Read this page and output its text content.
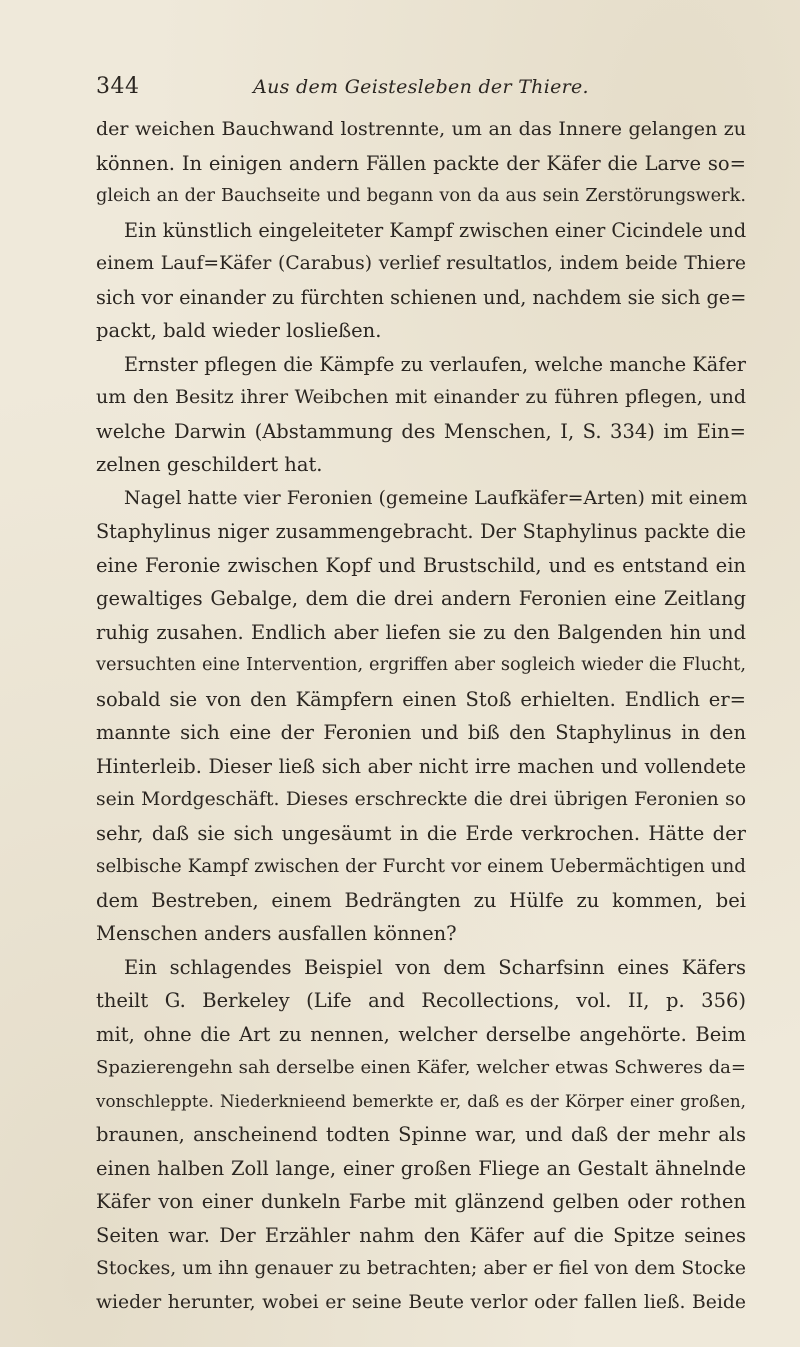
344	Aus dem Geistesleben der Thiere.
der weichen Bauchwand lostrennte, um an das Innere gelangen zu
können. In einigen andern Fällen packte der Käfer die Larve so=
gleich an der Bauchseite und begann von da aus sein Zerstörungswerk.
Ein künstlich eingeleiteter Kampf zwischen einer Cicindele und
einem Lauf=Käfer (Carabus) verlief resultatlos, indem beide Thiere
sich vor einander zu fürchten schienen und, nachdem sie sich ge=
packt, bald wieder losließen.
Ernster pflegen die Kämpfe zu verlaufen, welche manche Käfer
um den Besitz ihrer Weibchen mit einander zu führen pflegen, und
welche Darwin (Abstammung des Menschen, I, S. 334) im Ein=
zelnen geschildert hat.
Nagel hatte vier Feronien (gemeine Laufkäfer=Arten) mit einem
Staphylinus niger zusammengebracht. Der Staphylinus packte die
eine Feronie zwischen Kopf und Brustschild, und es entstand ein
gewaltiges Gebalge, dem die drei andern Feronien eine Zeitlang
ruhig zusahen. Endlich aber liefen sie zu den Balgenden hin und
versuchten eine Intervention, ergriffen aber sogleich wieder die Flucht,
sobald sie von den Kämpfern einen Stoß erhielten. Endlich er=
mannte sich eine der Feronien und biß den Staphylinus in den
Hinterleib. Dieser ließ sich aber nicht irre machen und vollendete
sein Mordgeschäft. Dieses erschreckte die drei übrigen Feronien so
sehr, daß sie sich ungesäumt in die Erde verkrochen. Hätte der
selbische Kampf zwischen der Furcht vor einem Uebermächtigen und
dem Bestreben, einem Bedrängten zu Hülfe zu kommen, bei
Menschen anders ausfallen können?
Ein schlagendes Beispiel von dem Scharfsinn eines Käfers
theilt G. Berkeley (Life and Recollections, vol. II, p. 356)
mit, ohne die Art zu nennen, welcher derselbe angehörte. Beim
Spazierengehn sah derselbe einen Käfer, welcher etwas Schweres da=
vonschleppte. Niederknieend bemerkte er, daß es der Körper einer großen,
braunen, anscheinend todten Spinne war, und daß der mehr als
einen halben Zoll lange, einer großen Fliege an Gestalt ähnelnde
Käfer von einer dunkeln Farbe mit glänzend gelben oder rothen
Seiten war. Der Erzähler nahm den Käfer auf die Spitze seines
Stockes, um ihn genauer zu betrachten; aber er fiel von dem Stocke
wieder herunter, wobei er seine Beute verlor oder fallen ließ. Beide
